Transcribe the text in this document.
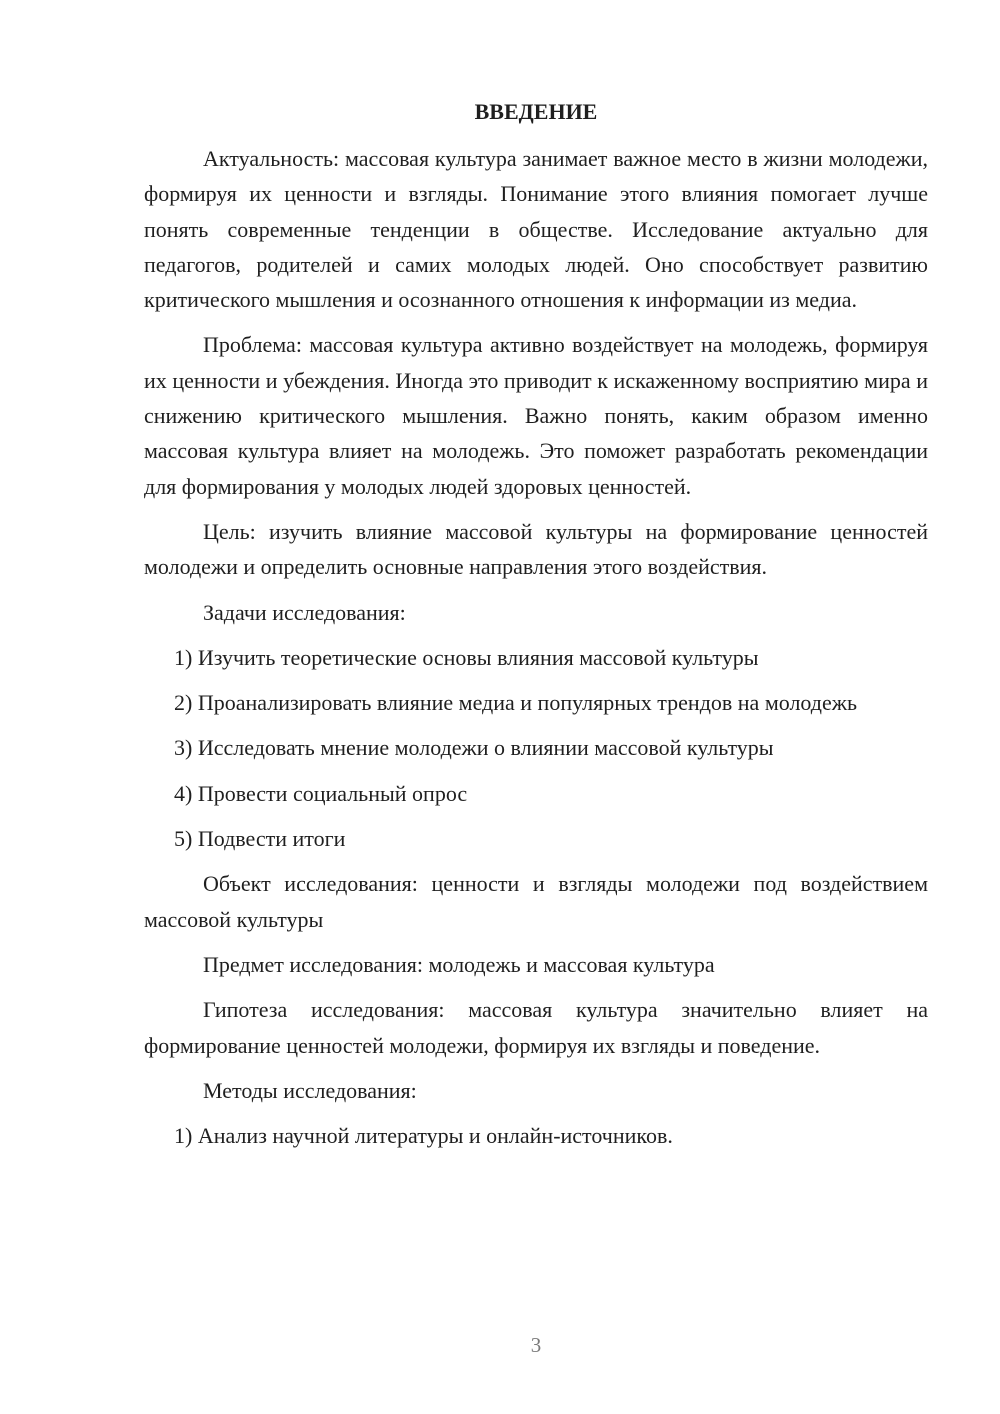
ВВЕДЕНИЕ
Актуальность: массовая культура занимает важное место в жизни молодежи, формируя их ценности и взгляды. Понимание этого влияния помогает лучше понять современные тенденции в обществе. Исследование актуально для педагогов, родителей и самих молодых людей. Оно способствует развитию критического мышления и осознанного отношения к информации из медиа.
Проблема: массовая культура активно воздействует на молодежь, формируя их ценности и убеждения. Иногда это приводит к искаженному восприятию мира и снижению критического мышления. Важно понять, каким образом именно массовая культура влияет на молодежь. Это поможет разработать рекомендации для формирования у молодых людей здоровых ценностей.
Цель: изучить влияние массовой культуры на формирование ценностей молодежи и определить основные направления этого воздействия.
Задачи исследования:
1) Изучить теоретические основы влияния массовой культуры
2) Проанализировать влияние медиа и популярных трендов на молодежь
3) Исследовать мнение молодежи о влиянии массовой культуры
4) Провести социальный опрос
5) Подвести итоги
Объект исследования: ценности и взгляды молодежи под воздействием массовой культуры
Предмет исследования: молодежь и массовая культура
Гипотеза исследования: массовая культура значительно влияет на формирование ценностей молодежи, формируя их взгляды и поведение.
Методы исследования:
1) Анализ научной литературы и онлайн-источников.
3
